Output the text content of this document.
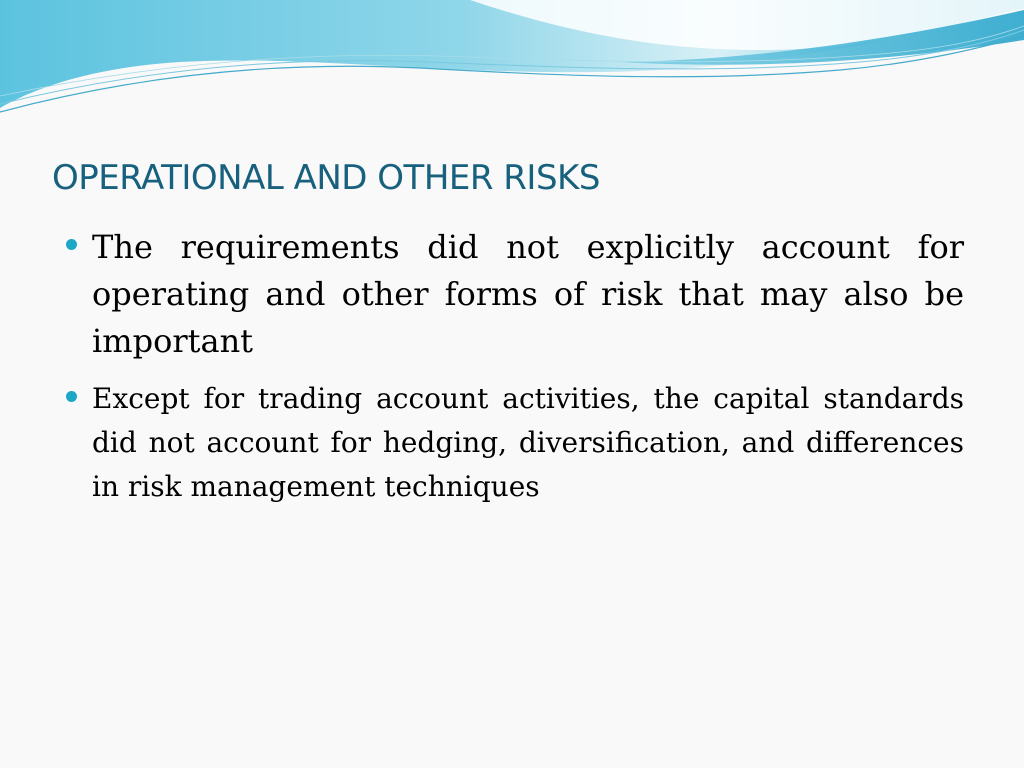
OPERATIONAL AND OTHER RISKS
The requirements did not explicitly account for operating and other forms of risk that may also be important
Except for trading account activities, the capital standards did not account for hedging, diversification, and differences in risk management techniques
